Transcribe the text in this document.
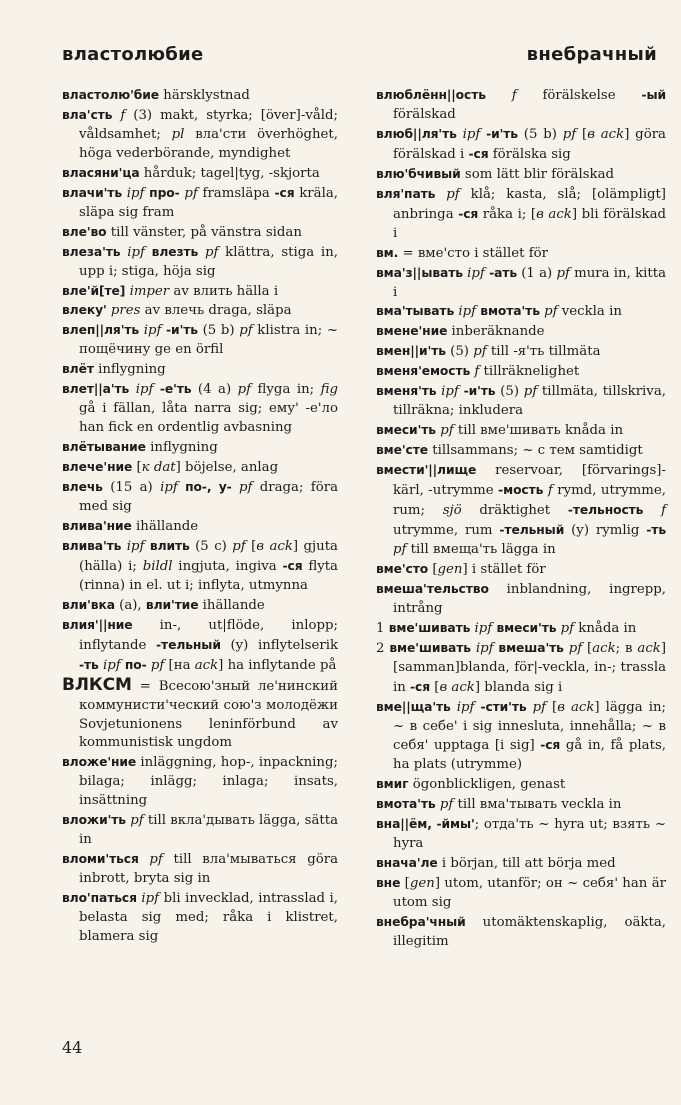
властолюбие	внебрачный

властолю'бие härsklystnad

вла'сть f (3) makt, styrka; [över]-våld; våldsamhet; pl вла'сти överhöghet, höga vederbörande, myndighet

власяни'ца hårduk; tagel|tyg, -skjorta

влачи'ть ipf про- pf framsläpa -ся kräla, släpa sig fram

вле'во till vänster, på vänstra sidan

влеза'ть ipf влезть pf klättra, stiga in, upp i; stiga, höja sig

вле'й[те] imper av влить hälla i

влеку' pres av влечь draga, släpa

влеп||ля'ть ipf -и'ть (5 b) pf klistra in; ~ пощёчину ge en örfil

влёт inflygning

влет||а'ть ipf -е'ть (4 a) pf flyga in; fig gå i fällan, låta narra sig; ему' -е'ло han fick en ordentlig avbasning

влётывание inflygning

влече'ние [к dat] böjelse, anlag

влечь (15 a) ipf по-, у- pf draga; föra med sig

влива'ние ihällande

влива'ть ipf влить (5 c) pf [в ack] gjuta (hälla) i; bildl ingjuta, ingiva -ся flyta (rinna) in el. ut i; inflyta, utmynna

вли'вка (a), вли'тие ihällande

влия'||ние in-, ut|flöde, inlopp; inflytande -тельный (y) inflytelserik -ть ipf по- pf [на ack] ha inflytande på

ВЛКСМ = Всесою'зный ле'нинский коммунисти'ческий сою'з молодёжи Sovjetunionens leninförbund av kommunistisk ungdom

вложе'ние inläggning, hop-, inpackning; bilaga; inlägg; inlaga; insats, insättning

вложи'ть pf till вкла'дывать lägga, sätta in

вломи'ться pf till вла'мываться göra inbrott, bryta sig in

вло'паться ipf bli invecklad, intrasslad i, belasta sig med; råka i klistret, blamera sig

влюблённ||ость f förälskelse -ый förälskad

влюб||ля'ть ipf -и'ть (5 b) pf [в ack] göra förälskad i -ся förälska sig

влю'бчивый som lätt blir förälskad

вля'пать pf klå; kasta, slå; [olämpligt] anbringa -ся råka i; [в ack] bli förälskad i

вм. = вме'сто i stället för

вма'з||ывать ipf -ать (1 a) pf mura in, kitta i

вма'тывать ipf вмота'ть pf veckla in

вмене'ние inberäknande

вмен||и'ть (5) pf till -я'ть tillmäta

вменя'емость f tillräknelighet

вменя'ть ipf -и'ть (5) pf tillmäta, tillskriva, tillräkna; inkludera

вмеси'ть pf till вме'шивать knåda in

вме'сте tillsammans; ~ с тем samtidigt

вмести'||лище reservoar, [förvarings]-kärl, -utrymme -мость f rymd, utrymme, rum; sjö dräktighet -тельность f utrymme, rum -тельный (y) rymlig -ть pf till вмеща'ть lägga in

вме'сто [gen] i stället för

вмеша'тельство inblandning, ingrepp, intrång

1 вме'шивать ipf вмеси'ть pf knåda in

2 вме'шивать ipf вмеша'ть pf [ack; в ack] [samman]blanda, för|-veckla, in-; trassla in -ся [в ack] blanda sig i

вме||ща'ть ipf -сти'ть pf [в ack] lägga in; ~ в себе' i sig innesluta, innehålla; ~ в себя' upptaga [i sig] -ся gå in, få plats, ha plats (utrymme)

вмиг ögonblickligen, genast

вмота'ть pf till вма'тывать veckla in

вна||ём, -ймы'; отда'ть ~ hyra ut; взять ~ hyra

внача'ле i början, till att börja med

вне [gen] utom, utanför; он ~ себя' han är utom sig

внебра'чный utomäktenskaplig, oäkta, illegitim

44
